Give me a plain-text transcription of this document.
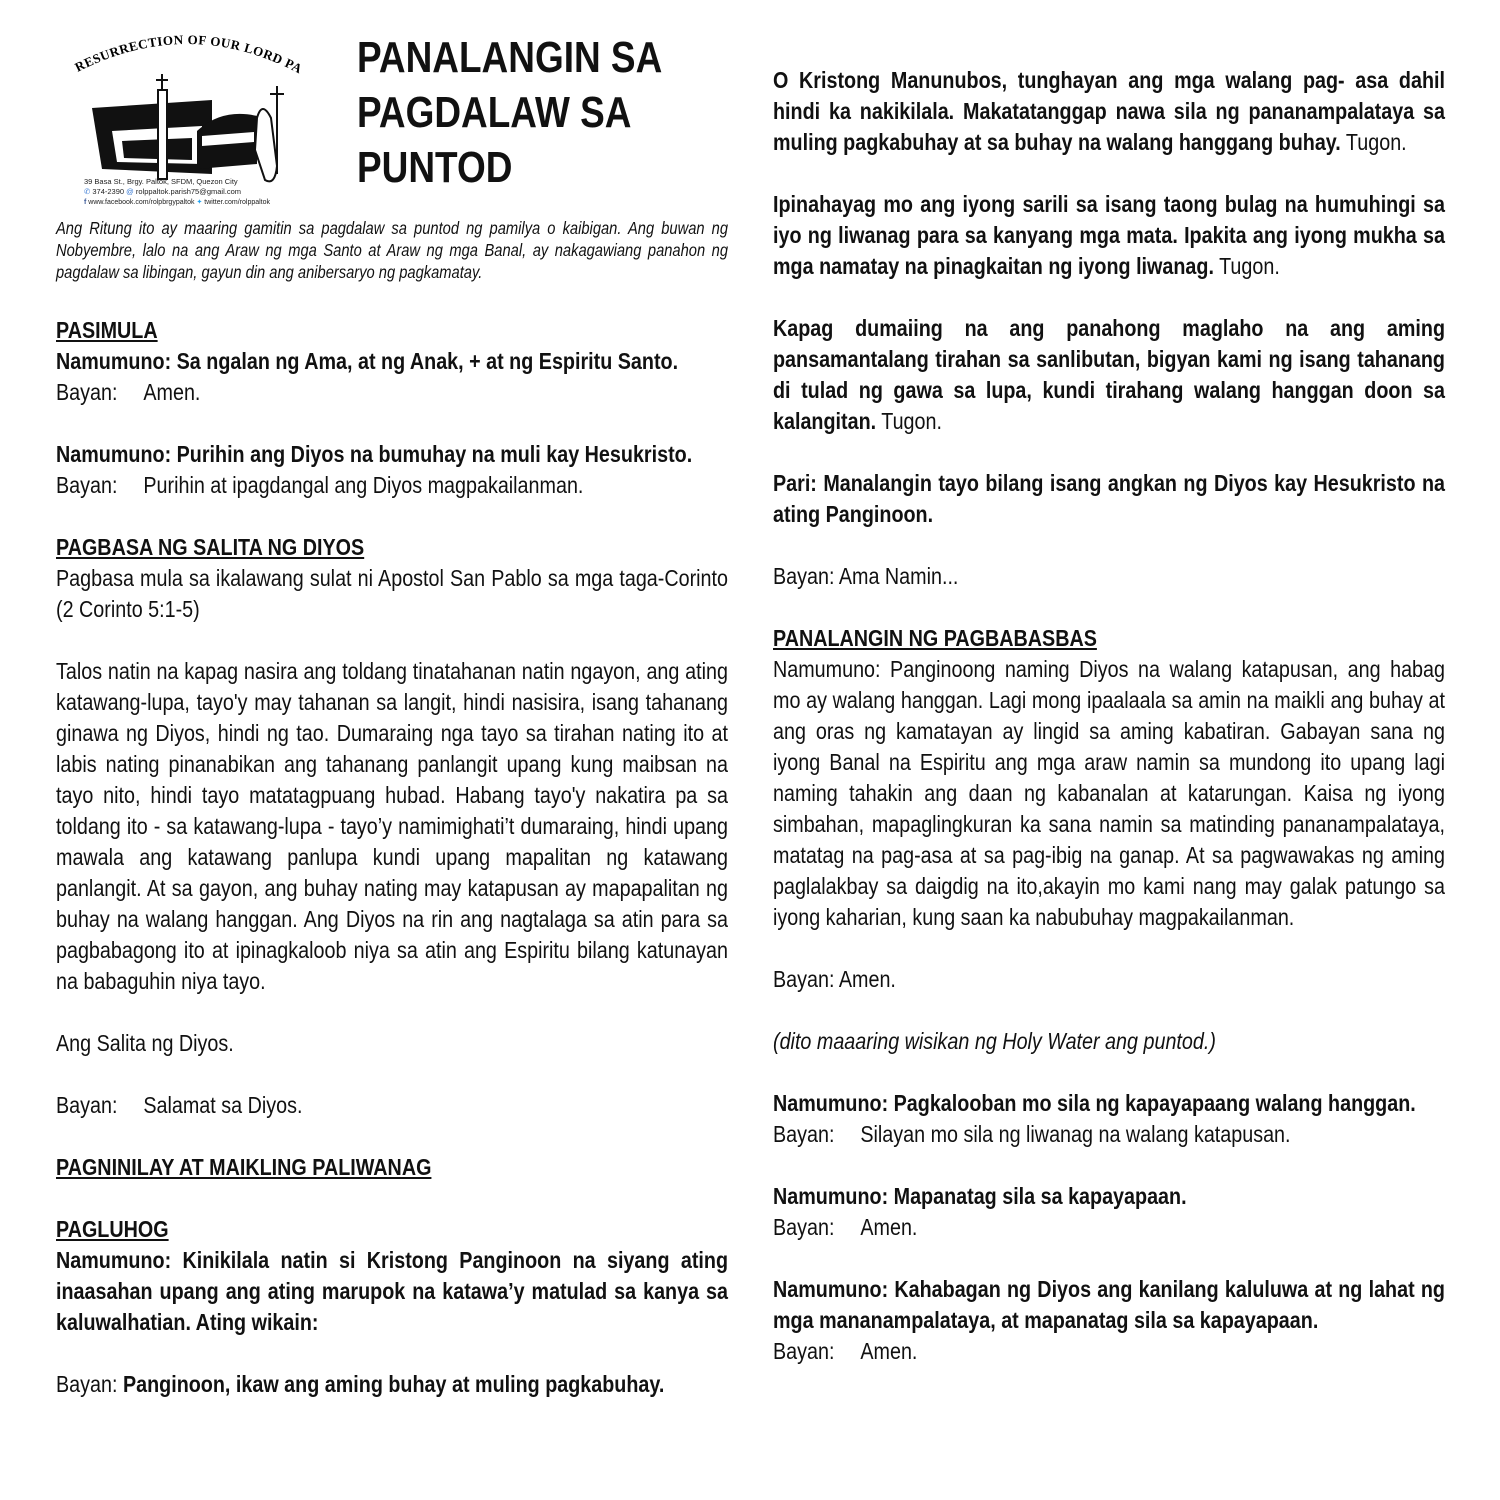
RESURRECTION OF OUR LORD PA
39 Basa St., Brgy. Paltok, SFDM, Quezon City
✆ 374-2390 @ rolppaltok.parish75@gmail.com
f www.facebook.com/rolpbrgypaltok ✦ twitter.com/rolppaltok
PANALANGIN SA
PAGDALAW SA
PUNTOD
Ang Ritung ito ay maaring gamitin sa pagdalaw sa puntod ng pamilya o kaibigan. Ang buwan ng Nobyembre, lalo na ang Araw ng mga Santo at Araw ng mga Banal, ay nakagawiang panahon ng pagdalaw sa libingan, gayun din ang anibersaryo ng pagkamatay.

PASIMULA

Namumuno: Sa ngalan ng Ama, at ng Anak, + at ng Espiritu Santo.

Bayan: Amen.

Namumuno: Purihin ang Diyos na bumuhay na muli kay Hesukristo.

Bayan: Purihin at ipagdangal ang Diyos magpakailanman.

PAGBASA NG SALITA NG DIYOS

Pagbasa mula sa ikalawang sulat ni Apostol San Pablo sa mga taga-Corinto (2 Corinto 5:1-5)

Talos natin na kapag nasira ang toldang tinatahanan natin ngayon, ang ating katawang-lupa, tayo'y may tahanan sa langit, hindi nasisira, isang tahanang ginawa ng Diyos, hindi ng tao. Dumaraing nga tayo sa tirahan nating ito at labis nating pinanabikan ang tahanang panlangit upang kung maibsan na tayo nito, hindi tayo matatagpuang hubad. Habang tayo'y nakatira pa sa toldang ito - sa katawang-lupa - tayo’y namimighati’t dumaraing, hindi upang mawala ang katawang panlupa kundi upang mapalitan ng katawang panlangit. At sa gayon, ang buhay nating may katapusan ay mapapalitan ng buhay na walang hanggan. Ang Diyos na rin ang nagtalaga sa atin para sa pagbabagong ito at ipinagkaloob niya sa atin ang Espiritu bilang katunayan na babaguhin niya tayo.

Ang Salita ng Diyos.

Bayan: Salamat sa Diyos.

PAGNINILAY AT MAIKLING PALIWANAG

PAGLUHOG

Namumuno: Kinikilala natin si Kristong Panginoon na siyang ating inaasahan upang ang ating marupok na katawa’y matulad sa kanya sa kaluwalhatian. Ating wikain:

Bayan: Panginoon, ikaw ang aming buhay at muling pagkabuhay.

O Kristong Manunubos, tunghayan ang mga walang pag- asa dahil hindi ka nakikilala. Makatatanggap nawa sila ng pananampalataya sa muling pagkabuhay at sa buhay na walang hanggang buhay. Tugon.

Ipinahayag mo ang iyong sarili sa isang taong bulag na humuhingi sa iyo ng liwanag para sa kanyang mga mata. Ipakita ang iyong mukha sa mga namatay na pinagkaitan ng iyong liwanag. Tugon.

Kapag dumaiing na ang panahong maglaho na ang aming pansamantalang tirahan sa sanlibutan, bigyan kami ng isang tahanang di tulad ng gawa sa lupa, kundi tirahang walang hanggan doon sa kalangitan. Tugon.

Pari: Manalangin tayo bilang isang angkan ng Diyos kay Hesukristo na ating Panginoon.

Bayan: Ama Namin...

PANALANGIN NG PAGBABASBAS

Namumuno: Panginoong naming Diyos na walang katapusan, ang habag mo ay walang hanggan. Lagi mong ipaalaala sa amin na maikli ang buhay at ang oras ng kamatayan ay lingid sa aming kabatiran. Gabayan sana ng iyong Banal na Espiritu ang mga araw namin sa mundong ito upang lagi naming tahakin ang daan ng kabanalan at katarungan. Kaisa ng iyong simbahan, mapaglingkuran ka sana namin sa matinding pananampalataya, matatag na pag-asa at sa pag-ibig na ganap. At sa pagwawakas ng aming paglalakbay sa daigdig na ito,akayin mo kami nang may galak patungo sa iyong kaharian, kung saan ka nabubuhay magpakailanman.

Bayan: Amen.

(dito maaaring wisikan ng Holy Water ang puntod.)

Namumuno: Pagkalooban mo sila ng kapayapaang walang hanggan.

Bayan: Silayan mo sila ng liwanag na walang katapusan.

Namumuno: Mapanatag sila sa kapayapaan.

Bayan: Amen.

Namumuno: Kahabagan ng Diyos ang kanilang kaluluwa at ng lahat ng mga mananampalataya, at mapanatag sila sa kapayapaan.

Bayan: Amen.
